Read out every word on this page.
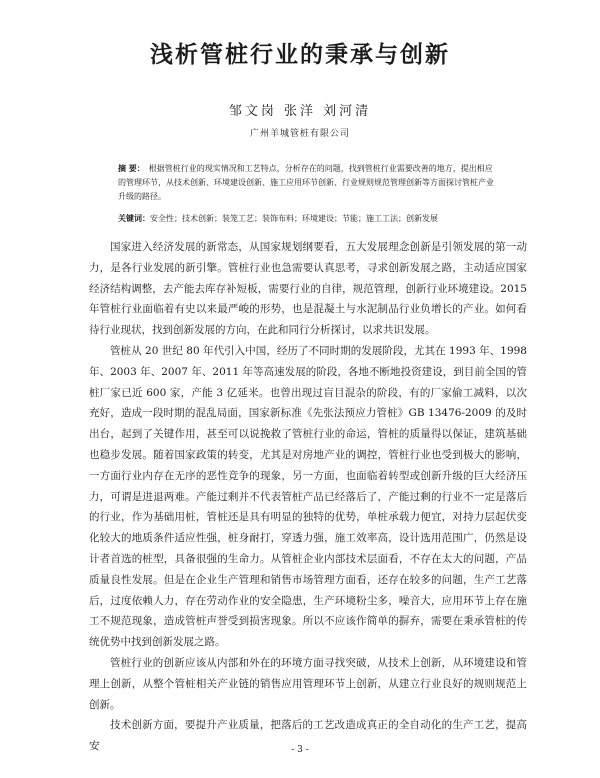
浅析管桩行业的秉承与创新
邹文岗 张洋 刘河清
广州羊城管桩有限公司
摘 要： 根据管桩行业的现实情况和工艺特点，分析存在的问题，找到管桩行业需要改善的地方，提出相应的管理环节，从技术创新、环境建设创新、施工应用环节创新、行业规则规范管理创新等方面探讨管桩产业升级的路径。
关键词：安全性；技术创新；装笼工艺；装饰布料；环境建设；节能；施工工法；创新发展

国家进入经济发展的新常态，从国家规划纲要看，五大发展理念创新是引领发展的第一动力，是各行业发展的新引擎。管桩行业也急需要认真思考，寻求创新发展之路，主动适应国家经济结构调整，去产能去库存补短板，需要行业的自律，规范管理，创新行业环境建设。2015 年管桩行业面临着有史以来最严峻的形势，也是混凝土与水泥制品行业负增长的产业。如何看待行业现状，找到创新发展的方向，在此和同行分析探讨，以求共识发展。

管桩从 20 世纪 80 年代引入中国，经历了不同时期的发展阶段，尤其在 1993 年、1998 年、2003 年、2007 年、2011 年等高速发展的阶段，各地不断地投资建设，到目前全国的管桩厂家已近 600 家，产能 3 亿延米。也曾出现过盲目混杂的阶段，有的厂家偷工减料，以次充好，造成一段时期的混乱局面，国家新标准《先张法预应力管桩》GB 13476-2009 的及时出台，起到了关键作用，甚至可以说挽救了管桩行业的命运，管桩的质量得以保证，建筑基础也稳步发展。随着国家政策的转变，尤其是对房地产业的调控，管桩行业也受到极大的影响，一方面行业内存在无序的恶性竞争的现象，另一方面，也面临着转型或创新升级的巨大经济压力，可谓是进退两难。产能过剩并不代表管桩产品已经落后了，产能过剩的行业不一定是落后的行业，作为基础用桩，管桩还是具有明显的独特的优势，单桩承载力便宜，对持力层起伏变化较大的地质条件适应性强，桩身耐打，穿透力强，施工效率高，设计选用范围广，仍然是设计者首选的桩型，具备很强的生命力。从管桩企业内部技术层面看，不存在太大的问题，产品质量良性发展。但是在企业生产管理和销售市场管理方面看，还存在较多的问题，生产工艺落后，过度依赖人力，存在劳动作业的安全隐患，生产环境粉尘多，噪音大，应用环节上存在施工不规范现象，造成管桩声誉受到损害现象。所以不应该作简单的摒弃，需要在秉承管桩的传统优势中找到创新发展之路。

管桩行业的创新应该从内部和外在的环境方面寻找突破，从技术上创新，从环境建设和管理上创新，从整个管桩相关产业链的销售应用管理环节上创新，从建立行业良好的规则规范上创新。

技术创新方面，要提升产业质量，把落后的工艺改造成真正的全自动化的生产工艺，提高安	- 3 -
